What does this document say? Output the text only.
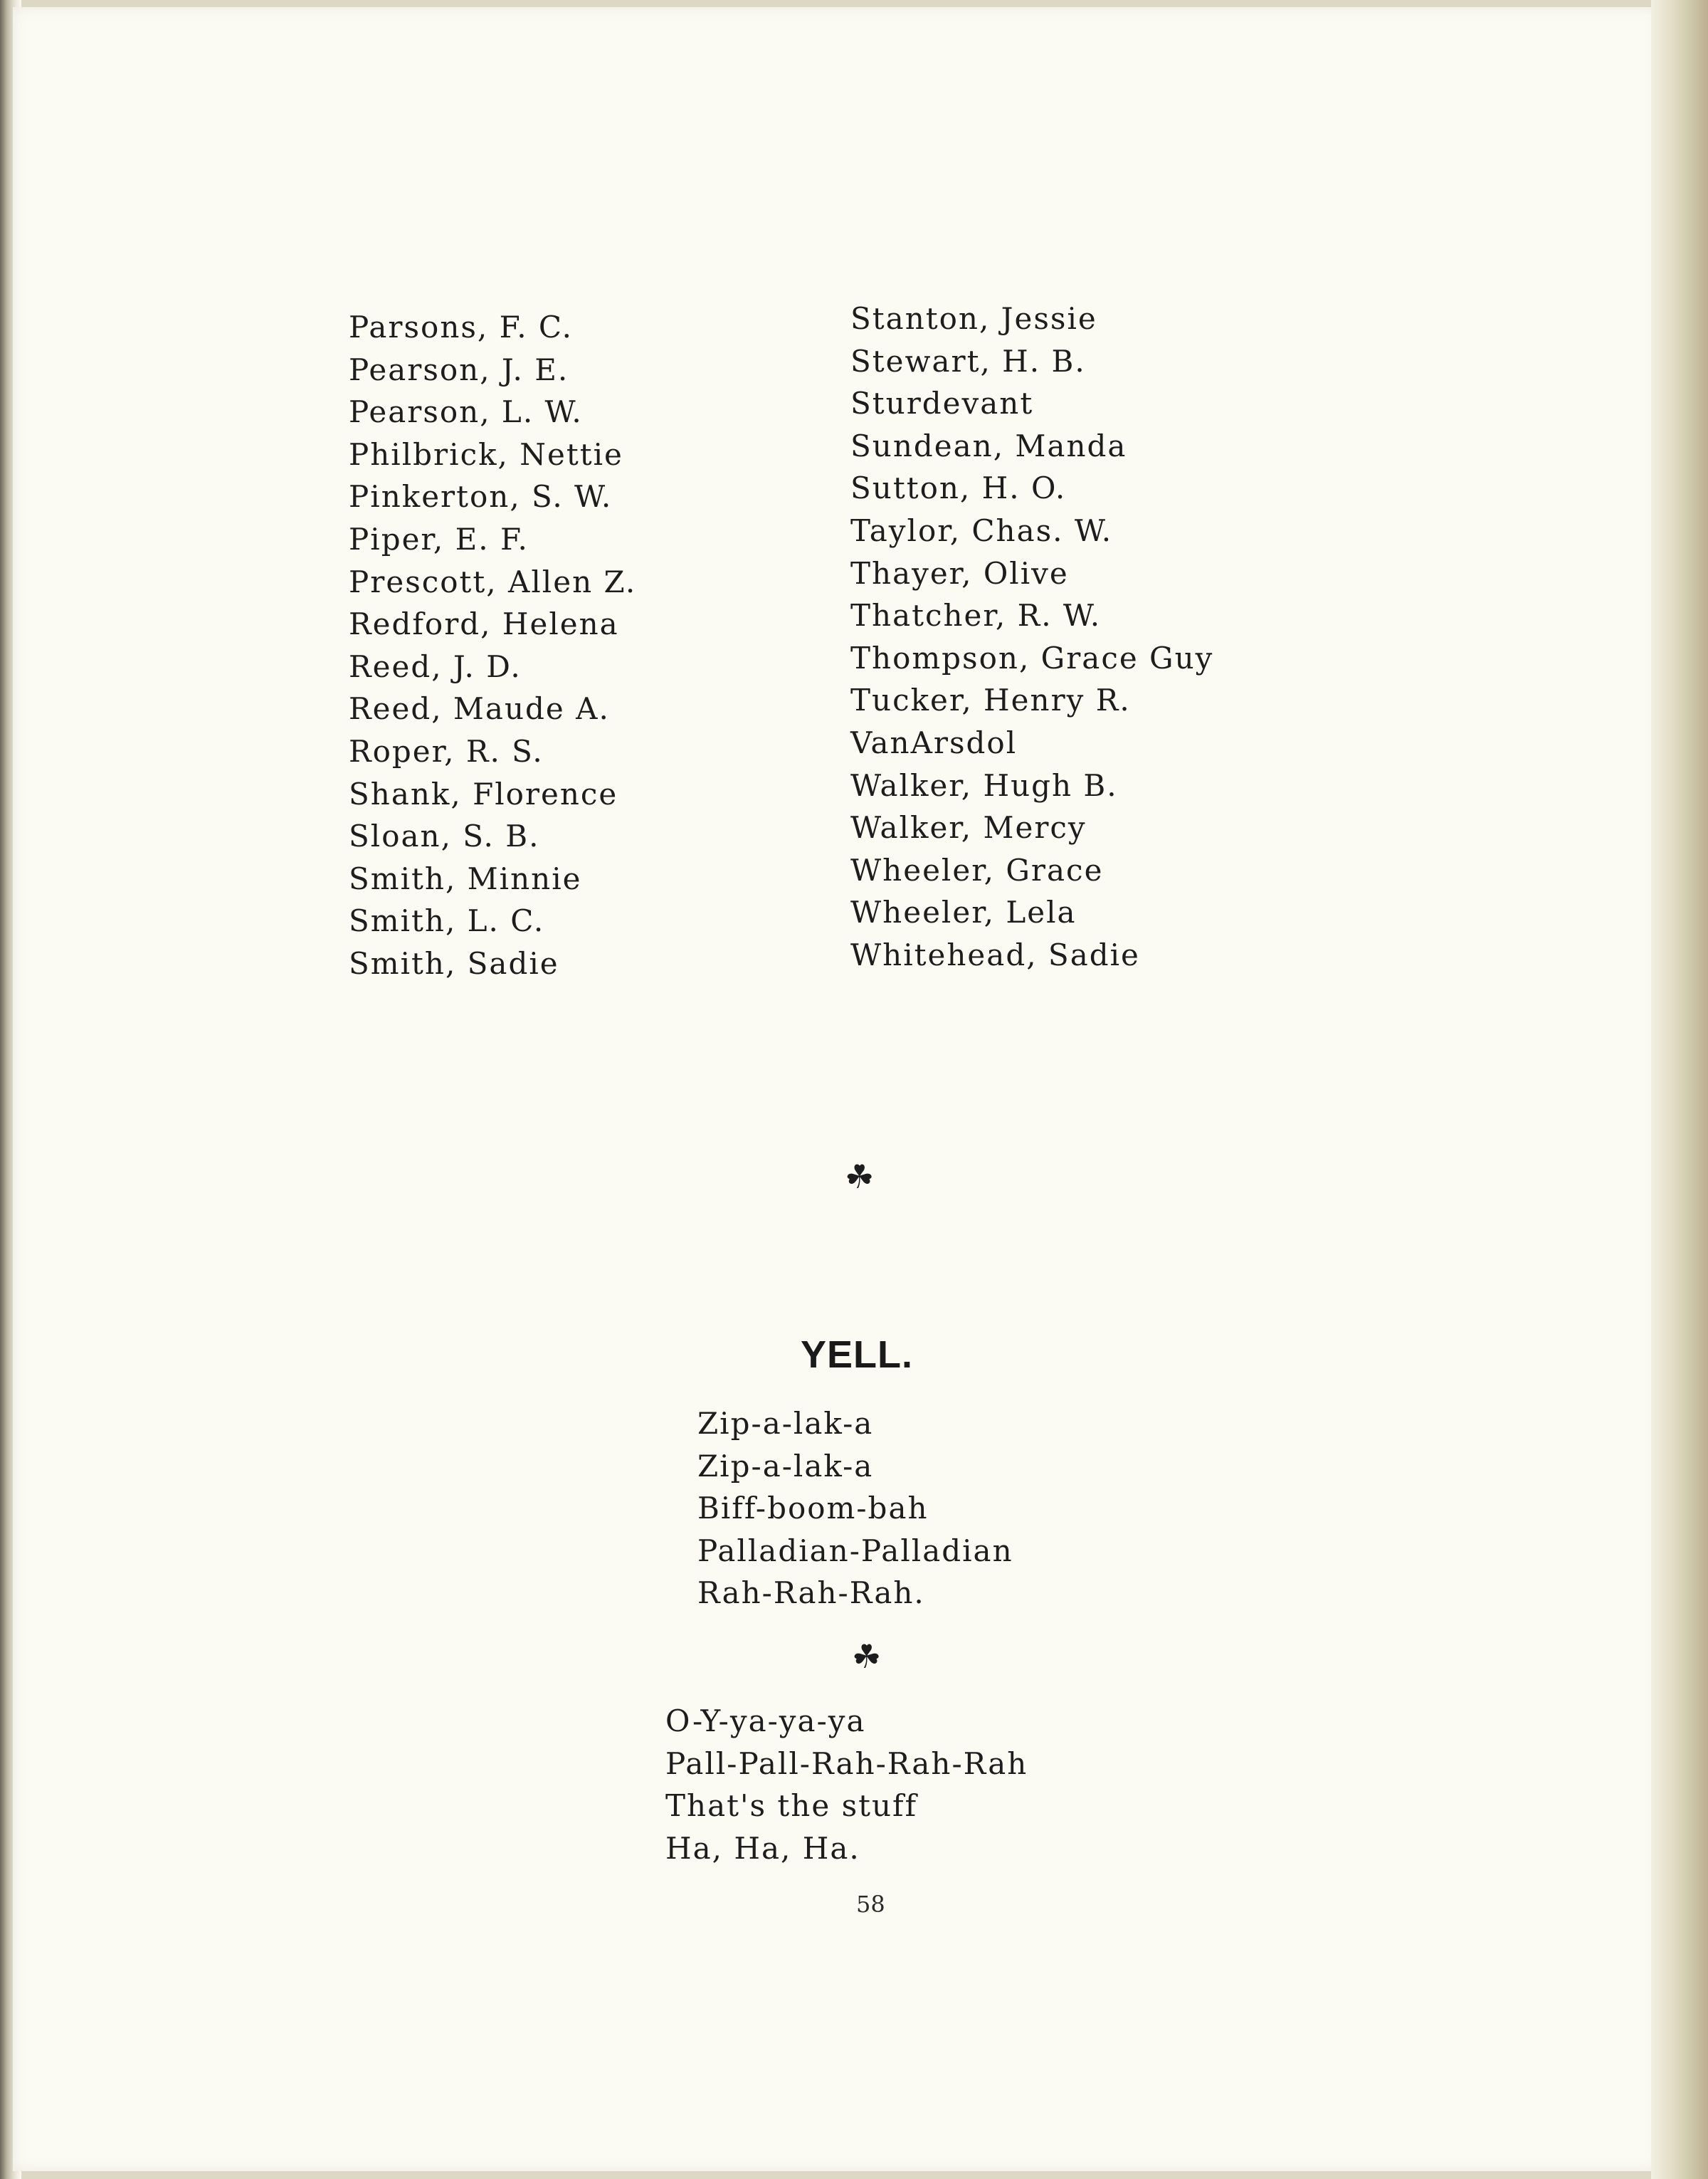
Parsons, F. C.
Pearson, J. E.
Pearson, L. W.
Philbrick, Nettie
Pinkerton, S. W.
Piper, E. F.
Prescott, Allen Z.
Redford, Helena
Reed, J. D.
Reed, Maude A.
Roper, R. S.
Shank, Florence
Sloan, S. B.
Smith, Minnie
Smith, L. C.
Smith, Sadie
Stanton, Jessie
Stewart, H. B.
Sturdevant
Sundean, Manda
Sutton, H. O.
Taylor, Chas. W.
Thayer, Olive
Thatcher, R. W.
Thompson, Grace Guy
Tucker, Henry R.
VanArsdol
Walker, Hugh B.
Walker, Mercy
Wheeler, Grace
Wheeler, Lela
Whitehead, Sadie
☘
YELL.
Zip-a-lak-a
Zip-a-lak-a
Biff-boom-bah
Palladian-Palladian
Rah-Rah-Rah.
☘
O-Y-ya-ya-ya
Pall-Pall-Rah-Rah-Rah
That's the stuff
Ha, Ha, Ha.
58
